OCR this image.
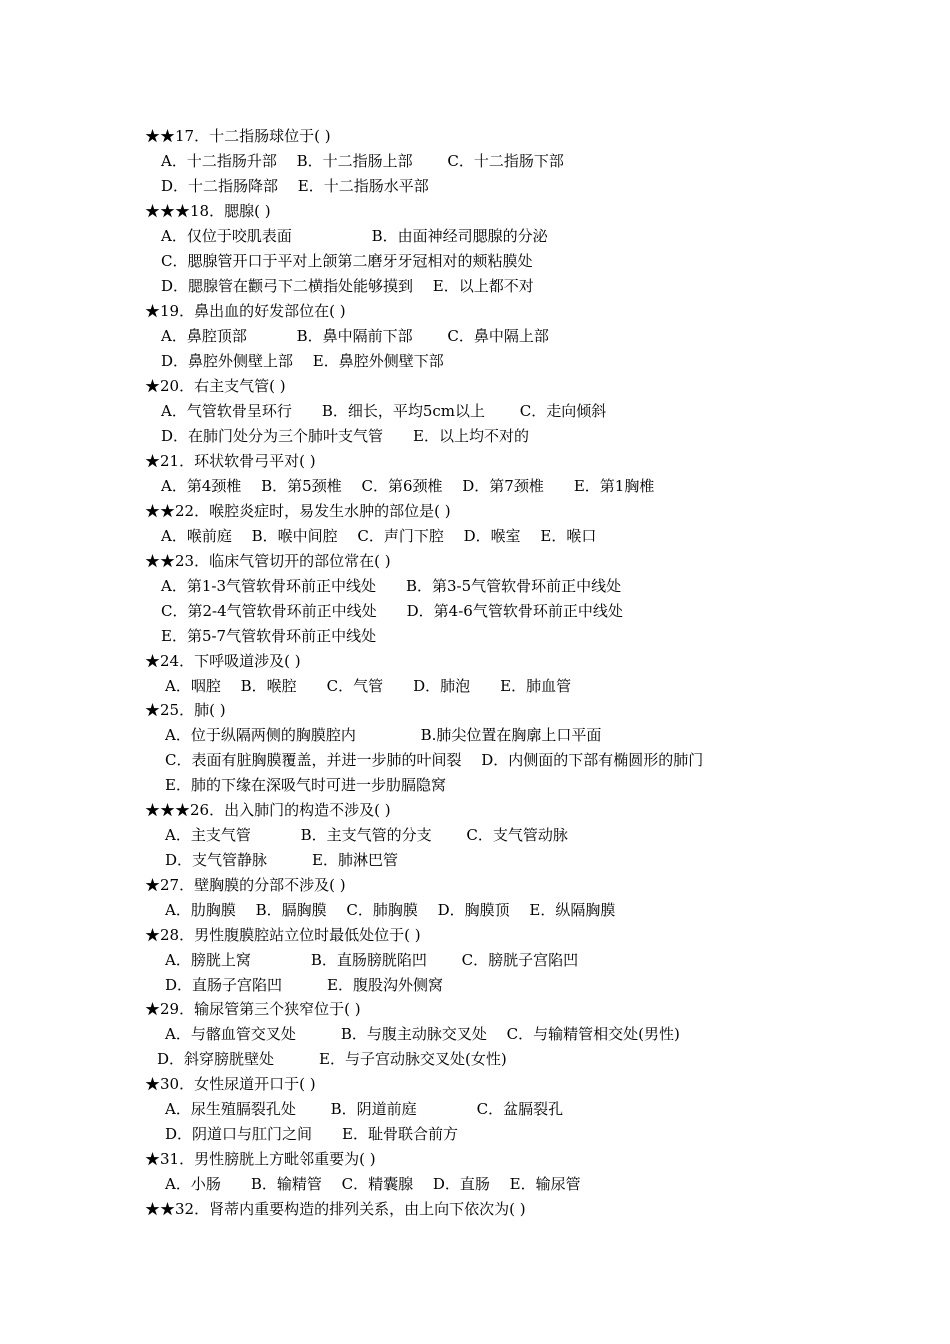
★★17．十二指肠球位于( )
A．十二指肠升部　 B．十二指肠上部　　 C．十二指肠下部
D．十二指肠降部　 E．十二指肠水平部
★★★18．腮腺( )
A．仅位于咬肌表面　　　　　 B．由面神经司腮腺的分泌
C．腮腺管开口于平对上颌第二磨牙牙冠相对的颊粘膜处
D．腮腺管在颧弓下二横指处能够摸到　 E．以上都不对
★19．鼻出血的好发部位在( )
A．鼻腔顶部　　　 B．鼻中隔前下部　　 C．鼻中隔上部
D．鼻腔外侧壁上部　 E．鼻腔外侧壁下部
★20．右主支气管( )
A．气管软骨呈环行　　B．细长，平均5cm以上　　 C．走向倾斜
D．在肺门处分为三个肺叶支气管　　E．以上均不对的
★21．环状软骨弓平对( )
A．第4颈椎　 B．第5颈椎　 C．第6颈椎　 D．第7颈椎　　E．第1胸椎
★★22．喉腔炎症时，易发生水肿的部位是( )
A．喉前庭　 B．喉中间腔　 C．声门下腔　 D．喉室　 E．喉口
★★23．临床气管切开的部位常在( )
A．第1-3气管软骨环前正中线处　　B．第3-5气管软骨环前正中线处
C．第2-4气管软骨环前正中线处　　D．第4-6气管软骨环前正中线处
E．第5-7气管软骨环前正中线处
★24．下呼吸道涉及( )
A．咽腔　 B．喉腔　　C．气管　　D．肺泡　　E．肺血管
★25．肺( )
A．位于纵隔两侧的胸膜腔内　　　　 B.肺尖位置在胸廓上口平面
C．表面有脏胸膜覆盖，并进一步肺的叶间裂　 D．内侧面的下部有椭圆形的肺门
E．肺的下缘在深吸气时可进一步肋膈隐窝
★★★26．出入肺门的构造不涉及( )
A．主支气管　　　 B．主支气管的分支　　 C．支气管动脉
D．支气管静脉　　　E．肺淋巴管
★27．壁胸膜的分部不涉及( )
A．肋胸膜　 B．膈胸膜　 C．肺胸膜　 D．胸膜顶　 E．纵隔胸膜
★28．男性腹膜腔站立位时最低处位于( )
A．膀胱上窝　　　　B．直肠膀胱陷凹　　 C．膀胱子宫陷凹
D．直肠子宫陷凹　　　E．腹股沟外侧窝
★29．输尿管第三个狭窄位于( )
A．与髂血管交叉处　　　B．与腹主动脉交叉处　 C．与输精管相交处(男性)
D．斜穿膀胱壁处　　　E．与子宫动脉交叉处(女性)
★30．女性尿道开口于( )
A．尿生殖膈裂孔处　　 B．阴道前庭　　　　C．盆膈裂孔
D．阴道口与肛门之间　　E．耻骨联合前方
★31．男性膀胱上方毗邻重要为( )
A．小肠　　B．输精管　 C．精囊腺　 D．直肠　 E．输尿管
★★32．肾蒂内重要构造的排列关系，由上向下依次为( )
